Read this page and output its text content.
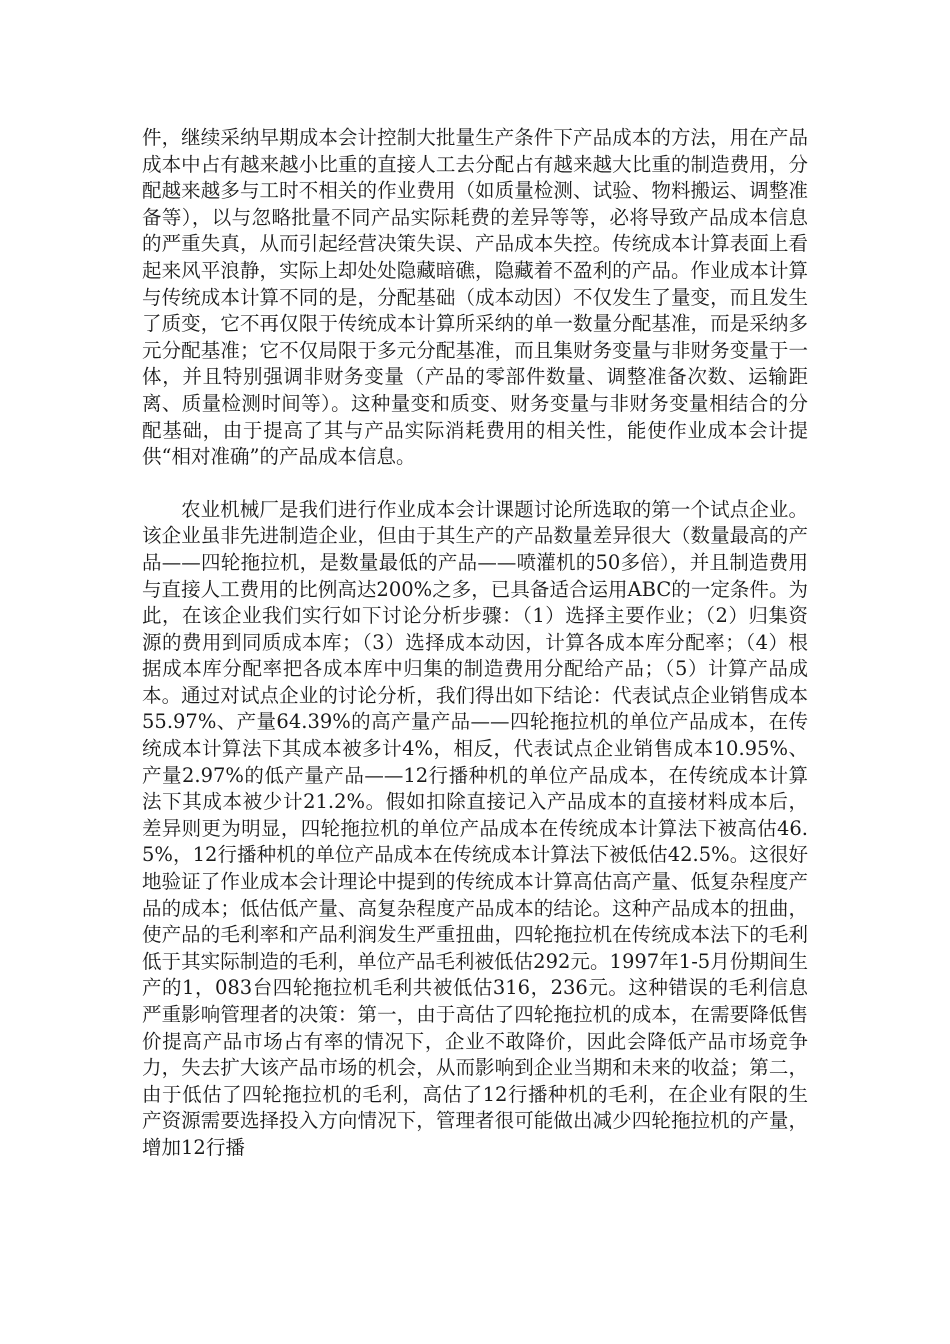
件，继续采纳早期成本会计控制大批量生产条件下产品成本的方法，用在产品成本中占有越来越小比重的直接人工去分配占有越来越大比重的制造费用，分配越来越多与工时不相关的作业费用（如质量检测、试验、物料搬运、调整准备等），以与忽略批量不同产品实际耗费的差异等等，必将导致产品成本信息的严重失真，从而引起经营决策失误、产品成本失控。传统成本计算表面上看起来风平浪静，实际上却处处隐藏暗礁，隐藏着不盈利的产品。作业成本计算与传统成本计算不同的是，分配基础（成本动因）不仅发生了量变，而且发生了质变，它不再仅限于传统成本计算所采纳的单一数量分配基准，而是采纳多元分配基准；它不仅局限于多元分配基准，而且集财务变量与非财务变量于一体，并且特别强调非财务变量（产品的零部件数量、调整准备次数、运输距离、质量检测时间等）。这种量变和质变、财务变量与非财务变量相结合的分配基础，由于提高了其与产品实际消耗费用的相关性，能使作业成本会计提供“相对准确”的产品成本信息。

农业机械厂是我们进行作业成本会计课题讨论所选取的第一个试点企业。该企业虽非先进制造企业，但由于其生产的产品数量差异很大（数量最高的产品——四轮拖拉机，是数量最低的产品——喷灌机的50多倍），并且制造费用与直接人工费用的比例高达200%之多，已具备适合运用ABC的一定条件。为此，在该企业我们实行如下讨论分析步骤：（1）选择主要作业；（2）归集资源的费用到同质成本库；（3）选择成本动因，计算各成本库分配率；（4）根据成本库分配率把各成本库中归集的制造费用分配给产品；（5）计算产品成本。通过对试点企业的讨论分析，我们得出如下结论：代表试点企业销售成本55.97%、产量64.39%的高产量产品——四轮拖拉机的单位产品成本，在传统成本计算法下其成本被多计4%，相反，代表试点企业销售成本10.95%、产量2.97%的低产量产品——12行播种机的单位产品成本，在传统成本计算法下其成本被少计21.2%。假如扣除直接记入产品成本的直接材料成本后，差异则更为明显，四轮拖拉机的单位产品成本在传统成本计算法下被高估46.5%，12行播种机的单位产品成本在传统成本计算法下被低估42.5%。这很好地验证了作业成本会计理论中提到的传统成本计算高估高产量、低复杂程度产品的成本；低估低产量、高复杂程度产品成本的结论。这种产品成本的扭曲，使产品的毛利率和产品利润发生严重扭曲，四轮拖拉机在传统成本法下的毛利低于其实际制造的毛利，单位产品毛利被低估292元。1997年1-5月份期间生产的1，083台四轮拖拉机毛利共被低估316，236元。这种错误的毛利信息严重影响管理者的决策：第一，由于高估了四轮拖拉机的成本，在需要降低售价提高产品市场占有率的情况下，企业不敢降价，因此会降低产品市场竞争力，失去扩大该产品市场的机会，从而影响到企业当期和未来的收益；第二，由于低估了四轮拖拉机的毛利，高估了12行播种机的毛利，在企业有限的生产资源需要选择投入方向情况下，管理者很可能做出减少四轮拖拉机的产量，增加12行播
